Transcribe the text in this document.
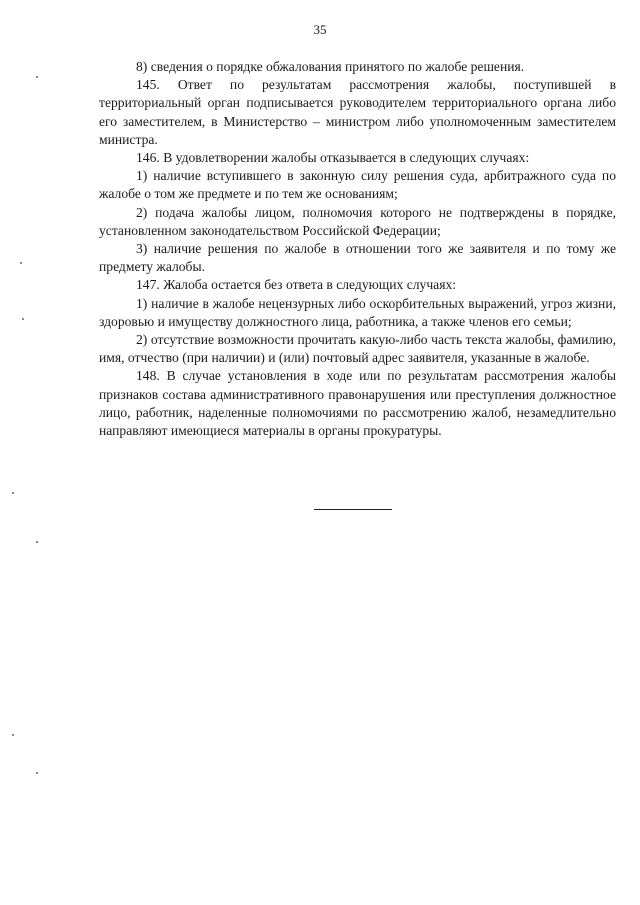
35

8) сведения о порядке обжалования принятого по жалобе решения.

145. Ответ по результатам рассмотрения жалобы, поступившей в территориальный орган подписывается руководителем территориального органа либо его заместителем, в Министерство – министром либо уполномоченным заместителем министра.

146. В удовлетворении жалобы отказывается в следующих случаях:

1) наличие вступившего в законную силу решения суда, арбитражного суда по жалобе о том же предмете и по тем же основаниям;

2) подача жалобы лицом, полномочия которого не подтверждены в порядке, установленном законодательством Российской Федерации;

3) наличие решения по жалобе в отношении того же заявителя и по тому же предмету жалобы.

147. Жалоба остается без ответа в следующих случаях:

1) наличие в жалобе нецензурных либо оскорбительных выражений, угроз жизни, здоровью и имуществу должностного лица, работника, а также членов его семьи;

2) отсутствие возможности прочитать какую-либо часть текста жалобы, фамилию, имя, отчество (при наличии) и (или) почтовый адрес заявителя, указанные в жалобе.

148. В случае установления в ходе или по результатам рассмотрения жалобы признаков состава административного правонарушения или преступления должностное лицо, работник, наделенные полномочиями по рассмотрению жалоб, незамедлительно направляют имеющиеся материалы в органы прокуратуры.
